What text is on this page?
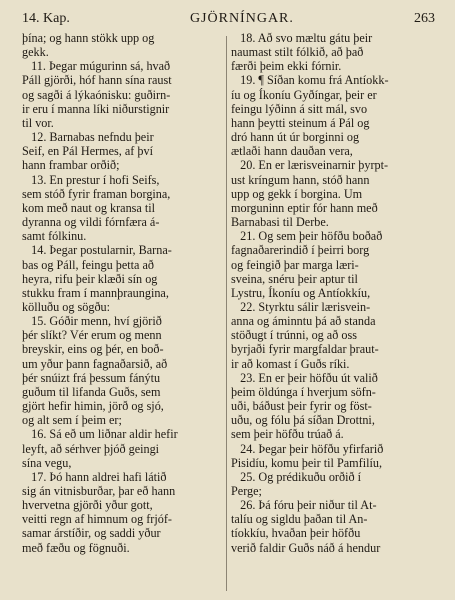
14. Kap.	GJÖRNÍNGAR.	263
þína; og hann stökk upp og
gekk.
11. Þegar múgurinn sá, hvað
Páll gjörði, hóf hann sína raust
og sagði á lýkaónisku: guðirn-
ir eru í manna líki niðurstignir
til vor.
12. Barnabas nefndu þeir
Seif, en Pál Hermes, af því
hann frambar orðið;
13. En prestur í hofi Seifs,
sem stóð fyrir framan borgina,
kom með naut og kransa til
dyranna og vildi fórnfæra á-
samt fólkinu.
14. Þegar postularnir, Barna-
bas og Páll, feingu þetta að
heyra, rifu þeir klæði sín og
stukku fram í mannþraungina,
kölluðu og sögðu:
15. Góðir menn, hví gjörið
þér slíkt? Vér erum og menn
breyskir, eins og þér, en boð-
um yður þann fagnaðarsið, að
þér snúizt frá þessum fánýtu
guðum til lifanda Guðs, sem
gjört hefir himin, jörð og sjó,
og alt sem í þeim er;
16. Sá eð um liðnar aldir hefir
leyft, að sérhver þjóð geingi
sína vegu,
17. Þó hann aldrei hafi látið
sig án vitnisburðar, þar eð hann
hvervetna gjörði yður gott,
veitti regn af himnum og frjóf-
samar árstíðir, og saddi yður
með fæðu og fögnuði.
18. Að svo mæltu gátu þeir
naumast stilt fólkið, að það
færði þeim ekki fórnir.
19. ¶ Síðan komu frá Antíokk-
íu og Íkoníu Gyðíngar, þeir er
feingu lýðinn á sitt mál, svo
hann þeytti steinum á Pál og
dró hann út úr borginni og
ætlaði hann dauðan vera,
20. En er lærisveinarnir þyrpt-
ust kríngum hann, stóð hann
upp og gekk í borgina. Um
morguninn eptir fór hann með
Barnabasi til Derbe.
21. Og sem þeir höfðu boðað
fagnaðarerindið í þeirri borg
og feingið þar marga læri-
sveina, snéru þeir aptur til
Lystru, Íkoníu og Antíokkíu,
22. Styrktu sálir lærisvein-
anna og áminntu þá að standa
stöðugt í trúnni, og að oss
byrjaði fyrir margfaldar þraut-
ir að komast í Guðs ríki.
23. En er þeir höfðu út valið
þeim öldúnga í hverjum söfn-
uði, báðust þeir fyrir og föst-
uðu, og fólu þá síðan Drottni,
sem þeir höfðu trúað á.
24. Þegar þeir höfðu yfirfarið
Pisidíu, komu þeir til Pamfilíu,
25. Og prédikuðu orðið í
Perge;
26. Þá fóru þeir niður til At-
talíu og sigldu þaðan til An-
tíokkíu, hvaðan þeir höfðu
verið faldir Guðs náð á hendur
